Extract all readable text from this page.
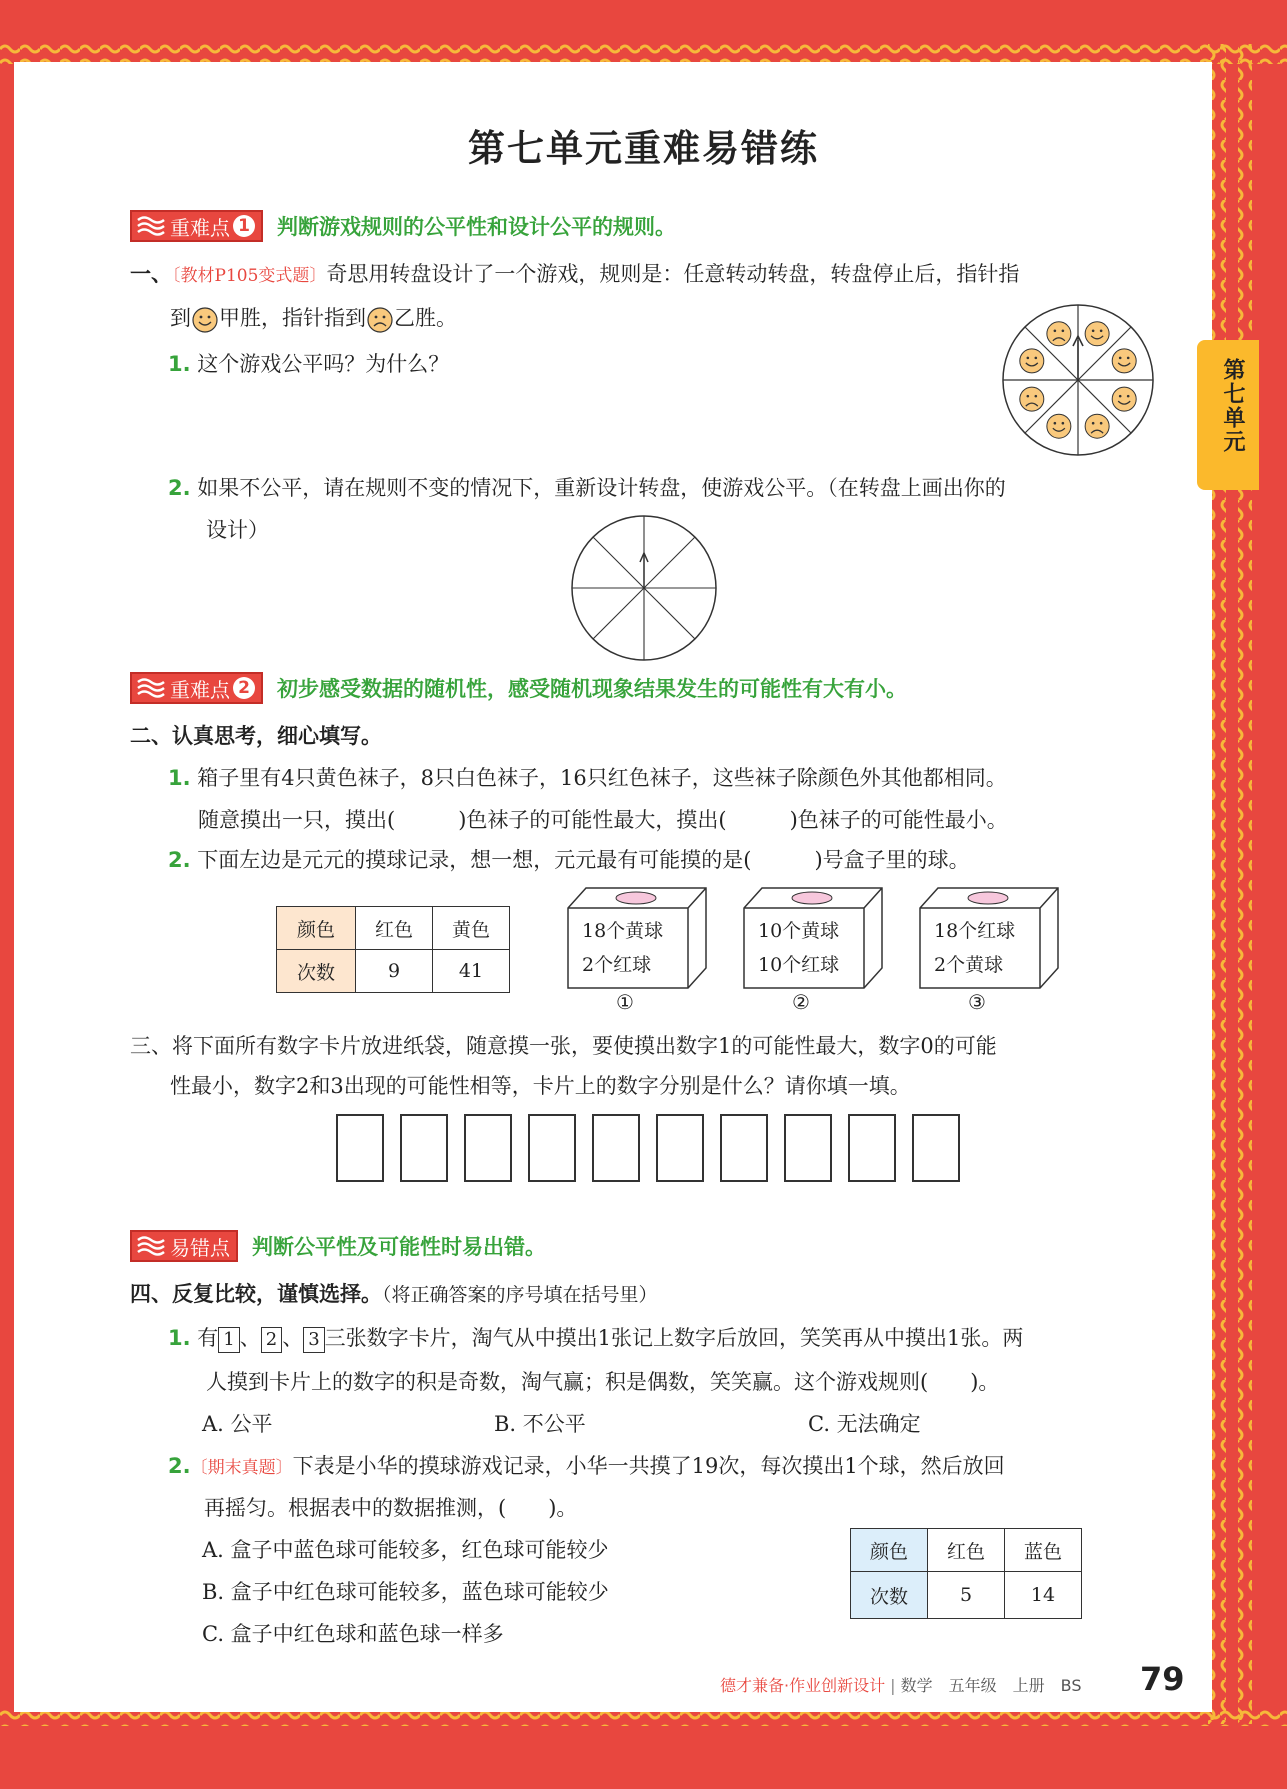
第七单元
第七单元重难易错练
重难点 1 判断游戏规则的公平性和设计公平的规则。
一、〔教材P105变式题〕奇思用转盘设计了一个游戏，规则是：任意转动转盘，转盘停止后，指针指
到 甲胜，指针指到 乙胜。
1. 这个游戏公平吗？为什么？
2. 如果不公平，请在规则不变的情况下，重新设计转盘，使游戏公平。（在转盘上画出你的
设计）
重难点 2 初步感受数据的随机性，感受随机现象结果发生的可能性有大有小。
二、认真思考，细心填写。
1. 箱子里有4只黄色袜子，8只白色袜子，16只红色袜子，这些袜子除颜色外其他都相同。
随意摸出一只，摸出(　　　)色袜子的可能性最大，摸出(　　　)色袜子的可能性最小。
2. 下面左边是元元的摸球记录，想一想，元元最有可能摸的是(　　　)号盒子里的球。
颜色	红色	黄色
次数	9	41
18个黄球
2个红球
①
10个黄球
10个红球
②
18个红球
2个黄球
③
三、将下面所有数字卡片放进纸袋，随意摸一张，要使摸出数字1的可能性最大，数字0的可能
性最小，数字2和3出现的可能性相等，卡片上的数字分别是什么？请你填一填。
易错点 判断公平性及可能性时易出错。
四、反复比较，谨慎选择。（将正确答案的序号填在括号里）
1. 有 1 、 2 、 3 三张数字卡片，淘气从中摸出1张记上数字后放回，笑笑再从中摸出1张。两
人摸到卡片上的数字的积是奇数，淘气赢；积是偶数，笑笑赢。这个游戏规则(　　)。
A. 公平	B. 不公平	C. 无法确定
2.〔期末真题〕下表是小华的摸球游戏记录，小华一共摸了19次，每次摸出1个球，然后放回
再摇匀。根据表中的数据推测，(　　)。
A. 盒子中蓝色球可能较多，红色球可能较少
B. 盒子中红色球可能较多，蓝色球可能较少
C. 盒子中红色球和蓝色球一样多
颜色	红色	蓝色
次数	5	14
德才兼备·作业创新设计 | 数学　五年级　上册　BS 79
